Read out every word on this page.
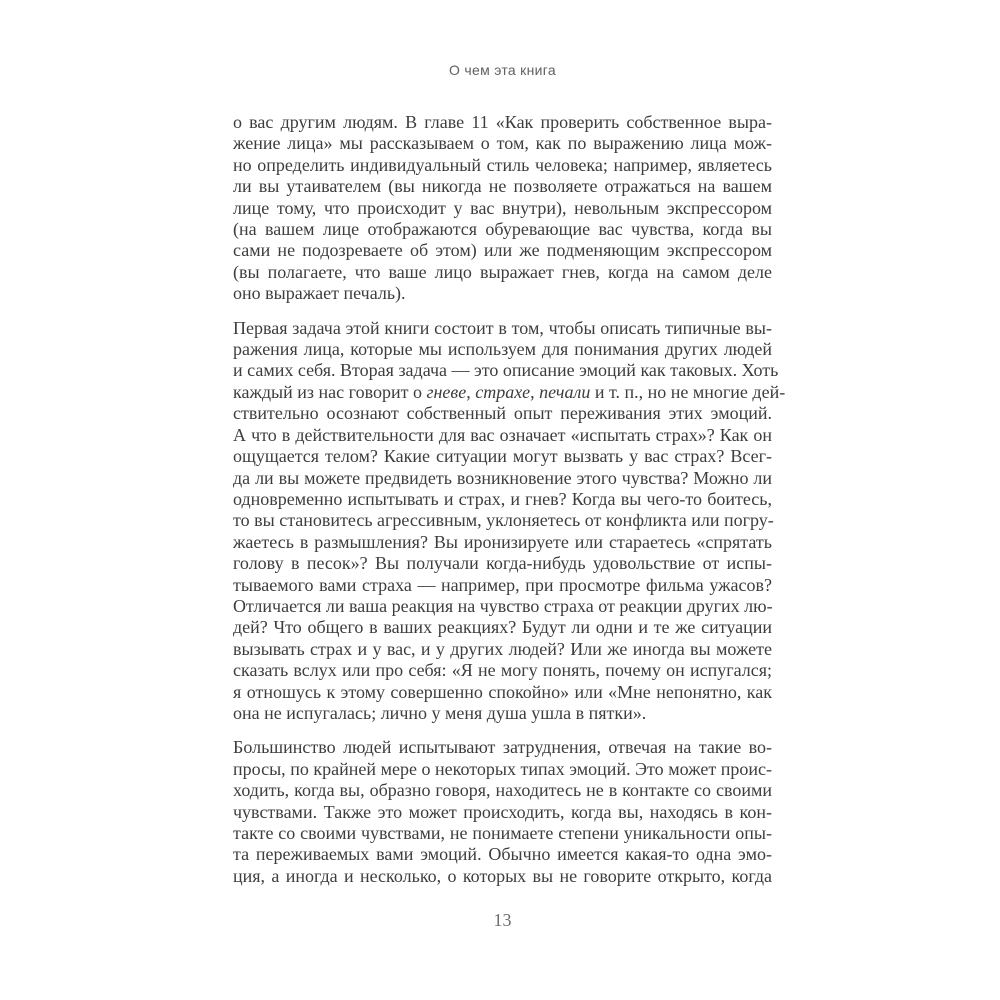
О чем эта книга
о вас другим людям. В главе 11 «Как проверить собственное выра-
жение лица» мы рассказываем о том, как по выражению лица мож-
но определить индивидуальный стиль человека; например, являетесь
ли вы утаивателем (вы никогда не позволяете отражаться на вашем
лице тому, что происходит у вас внутри), невольным экспрессором
(на вашем лице отображаются обуревающие вас чувства, когда вы
сами не подозреваете об этом) или же подменяющим экспрессором
(вы полагаете, что ваше лицо выражает гнев, когда на самом деле
оно выражает печаль).
Первая задача этой книги состоит в том, чтобы описать типичные вы-
ражения лица, которые мы используем для понимания других людей
и самих себя. Вторая задача — это описание эмоций как таковых. Хоть
каждый из нас говорит о гневе, страхе, печали и т. п., но не многие дей-
ствительно осознают собственный опыт переживания этих эмоций.
А что в действительности для вас означает «испытать страх»? Как он
ощущается телом? Какие ситуации могут вызвать у вас страх? Всег-
да ли вы можете предвидеть возникновение этого чувства? Можно ли
одновременно испытывать и страх, и гнев? Когда вы чего-то боитесь,
то вы становитесь агрессивным, уклоняетесь от конфликта или погру-
жаетесь в размышления? Вы иронизируете или стараетесь «спрятать
голову в песок»? Вы получали когда-нибудь удовольствие от испы-
тываемого вами страха — например, при просмотре фильма ужасов?
Отличается ли ваша реакция на чувство страха от реакции других лю-
дей? Что общего в ваших реакциях? Будут ли одни и те же ситуации
вызывать страх и у вас, и у других людей? Или же иногда вы можете
сказать вслух или про себя: «Я не могу понять, почему он испугался;
я отношусь к этому совершенно спокойно» или «Мне непонятно, как
она не испугалась; лично у меня душа ушла в пятки».
Большинство людей испытывают затруднения, отвечая на такие во-
просы, по крайней мере о некоторых типах эмоций. Это может проис-
ходить, когда вы, образно говоря, находитесь не в контакте со своими
чувствами. Также это может происходить, когда вы, находясь в кон-
такте со своими чувствами, не понимаете степени уникальности опы-
та переживаемых вами эмоций. Обычно имеется какая-то одна эмо-
ция, а иногда и несколько, о которых вы не говорите открыто, когда
13
